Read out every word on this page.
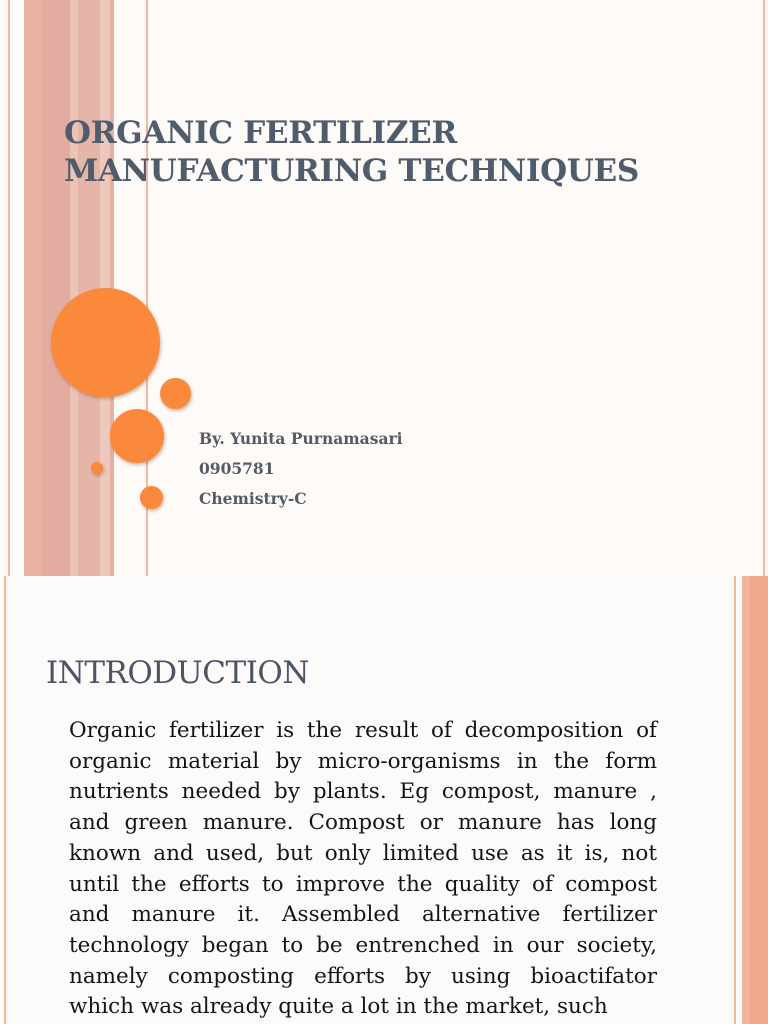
ORGANIC FERTILIZER
MANUFACTURING TECHNIQUES
By. Yunita Purnamasari
0905781
Chemistry-C
INTRODUCTION

Organic fertilizer is the result of decomposition of organic material by micro-organisms in the form nutrients needed by plants. Eg compost, manure , and green manure. Compost or manure has long known and used, but only limited use as it is, not until the efforts to improve the quality of compost and manure it. Assembled alternative fertilizer technology began to be entrenched in our society, namely composting efforts by using bioactifator which was already quite a lot in the market, such
